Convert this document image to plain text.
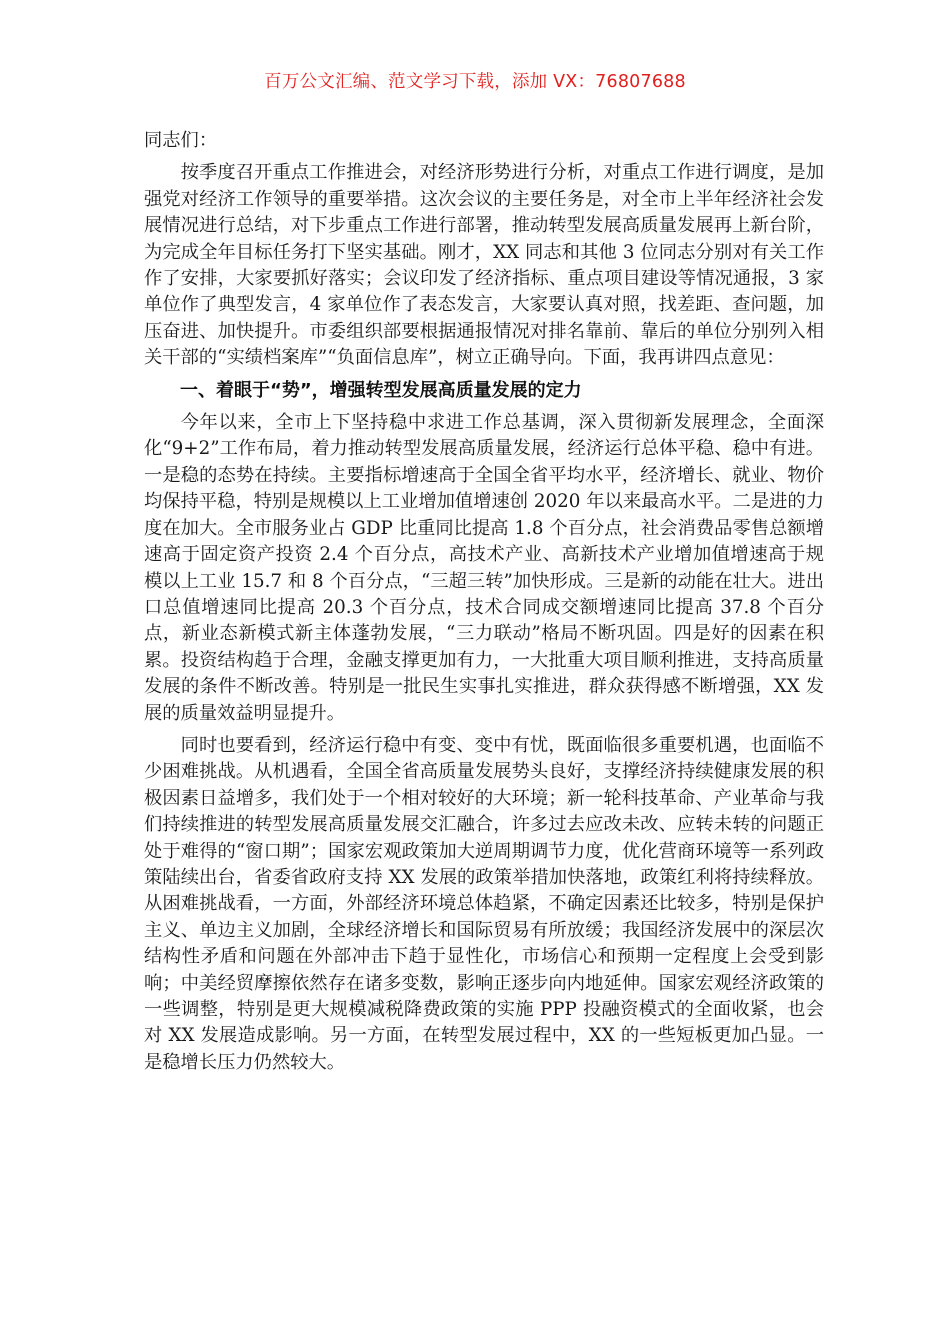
百万公文汇编、范文学习下载，添加 VX：76807688

同志们：

按季度召开重点工作推进会，对经济形势进行分析，对重点工作进行调度，是加强党对经济工作领导的重要举措。这次会议的主要任务是，对全市上半年经济社会发展情况进行总结，对下步重点工作进行部署，推动转型发展高质量发展再上新台阶，为完成全年目标任务打下坚实基础。刚才，XX 同志和其他 3 位同志分别对有关工作作了安排，大家要抓好落实；会议印发了经济指标、重点项目建设等情况通报，3 家单位作了典型发言，4 家单位作了表态发言，大家要认真对照，找差距、查问题，加压奋进、加快提升。市委组织部要根据通报情况对排名靠前、靠后的单位分别列入相关干部的“实绩档案库”“负面信息库”，树立正确导向。下面，我再讲四点意见：

一、着眼于“势”，增强转型发展高质量发展的定力

今年以来，全市上下坚持稳中求进工作总基调，深入贯彻新发展理念，全面深化“9+2”工作布局，着力推动转型发展高质量发展，经济运行总体平稳、稳中有进。一是稳的态势在持续。主要指标增速高于全国全省平均水平，经济增长、就业、物价均保持平稳，特别是规模以上工业增加值增速创 2020 年以来最高水平。二是进的力度在加大。全市服务业占 GDP 比重同比提高 1.8 个百分点，社会消费品零售总额增速高于固定资产投资 2.4 个百分点，高技术产业、高新技术产业增加值增速高于规模以上工业 15.7 和 8 个百分点，“三超三转”加快形成。三是新的动能在壮大。进出口总值增速同比提高 20.3 个百分点，技术合同成交额增速同比提高 37.8 个百分点，新业态新模式新主体蓬勃发展，“三力联动”格局不断巩固。四是好的因素在积累。投资结构趋于合理，金融支撑更加有力，一大批重大项目顺利推进，支持高质量发展的条件不断改善。特别是一批民生实事扎实推进，群众获得感不断增强，XX 发展的质量效益明显提升。

同时也要看到，经济运行稳中有变、变中有忧，既面临很多重要机遇，也面临不少困难挑战。从机遇看，全国全省高质量发展势头良好，支撑经济持续健康发展的积极因素日益增多，我们处于一个相对较好的大环境；新一轮科技革命、产业革命与我们持续推进的转型发展高质量发展交汇融合，许多过去应改未改、应转未转的问题正处于难得的“窗口期”；国家宏观政策加大逆周期调节力度，优化营商环境等一系列政策陆续出台，省委省政府支持 XX 发展的政策举措加快落地，政策红利将持续释放。从困难挑战看，一方面，外部经济环境总体趋紧，不确定因素还比较多，特别是保护主义、单边主义加剧，全球经济增长和国际贸易有所放缓；我国经济发展中的深层次结构性矛盾和问题在外部冲击下趋于显性化，市场信心和预期一定程度上会受到影响；中美经贸摩擦依然存在诸多变数，影响正逐步向内地延伸。国家宏观经济政策的一些调整，特别是更大规模减税降费政策的实施 PPP 投融资模式的全面收紧，也会对 XX 发展造成影响。另一方面，在转型发展过程中，XX 的一些短板更加凸显。一是稳增长压力仍然较大。
